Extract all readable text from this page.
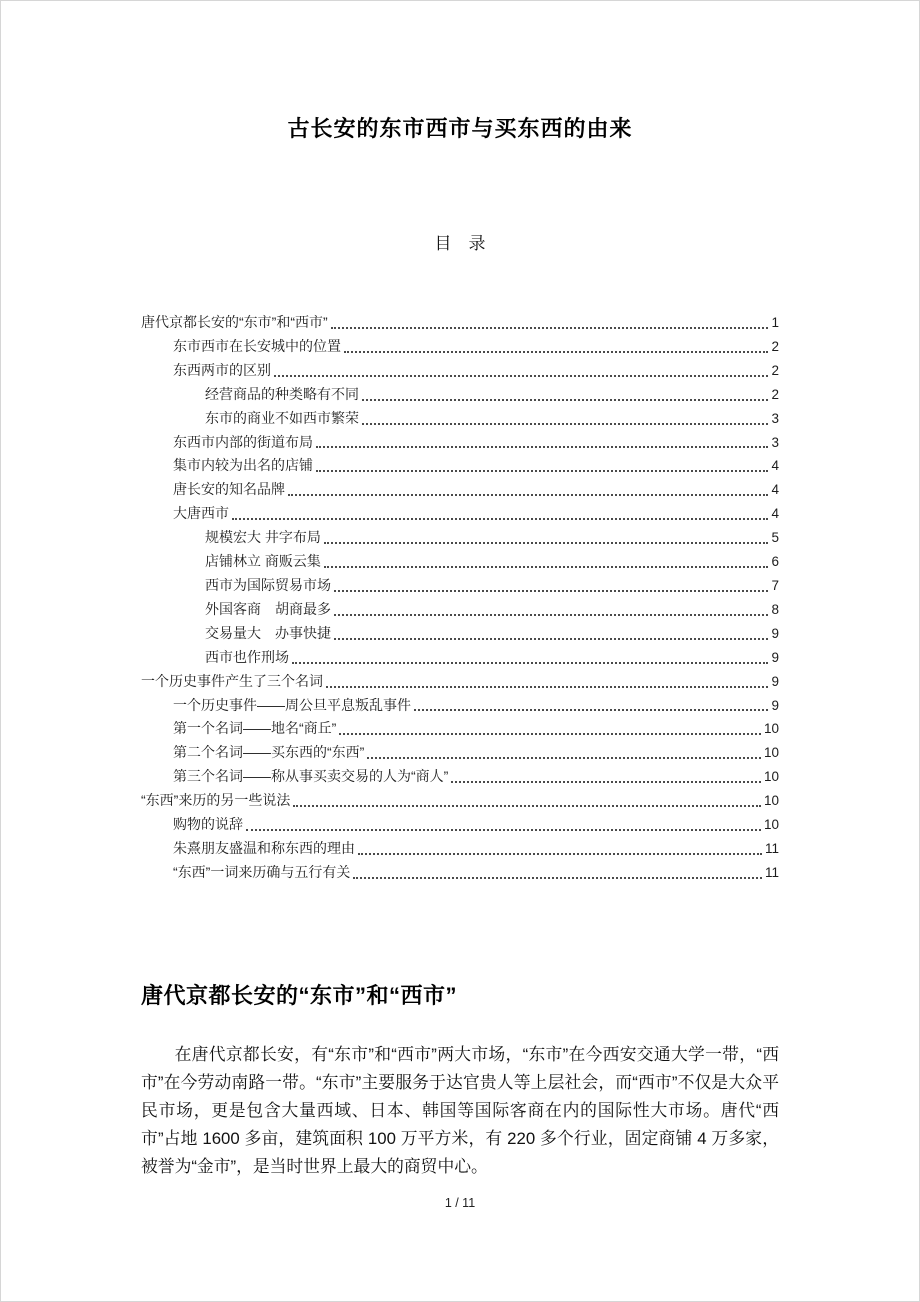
古长安的东市西市与买东西的由来
目　录
唐代京都长安的“东市”和“西市”	1
东市西市在长安城中的位置	2
东西两市的区别	2
经营商品的种类略有不同	2
东市的商业不如西市繁荣	3
东西市内部的街道布局	3
集市内较为出名的店铺	4
唐长安的知名品牌	4
大唐西市	4
规模宏大 井字布局	5
店铺林立 商贩云集	6
西市为国际贸易市场	7
外国客商　胡商最多	8
交易量大　办事快捷	9
西市也作刑场	9
一个历史事件产生了三个名词	9
一个历史事件——周公旦平息叛乱事件	9
第一个名词——地名“商丘”	10
第二个名词——买东西的“东西”	10
第三个名词——称从事买卖交易的人为“商人”	10
“东西”来历的另一些说法	10
购物的说辞	10
朱熹朋友盛温和称东西的理由	11
“东西”一词来历确与五行有关	11
唐代京都长安的“东市”和“西市”

在唐代京都长安，有“东市”和“西市”两大市场，“东市”在今西安交通大学一带，“西市”在今劳动南路一带。“东市”主要服务于达官贵人等上层社会，而“西市”不仅是大众平民市场，更是包含大量西域、日本、韩国等国际客商在内的国际性大市场。唐代“西市”占地 1600 多亩，建筑面积 100 万平方米，有 220 多个行业，固定商铺 4 万多家，被誉为“金市”，是当时世界上最大的商贸中心。

1 / 11
